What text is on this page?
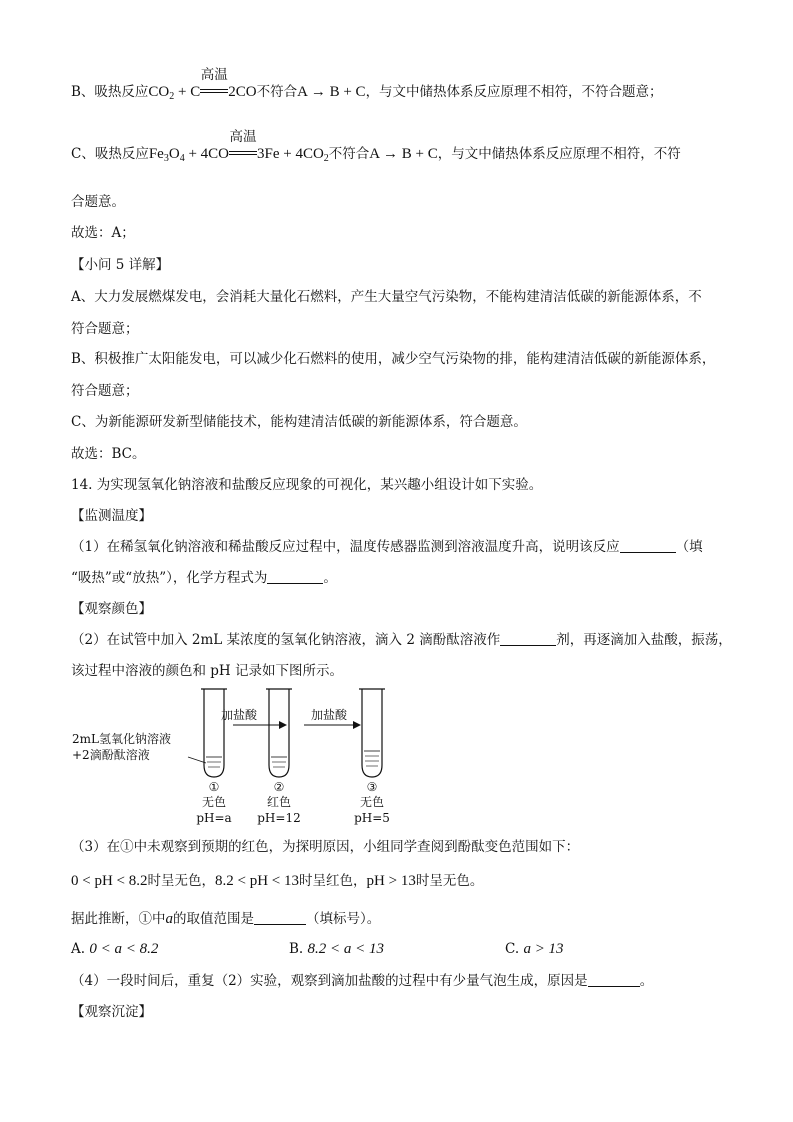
B、吸热反应$CO_2 + C$
高温
2CO不符合A → B + C，与文中储热体系反应原理不相符，不符合题意；
C、吸热反应$Fe_3O_4 + 4CO$
高温
$3Fe + 4CO_2$不符合A → B + C，与文中储热体系反应原理不相符，不符
合题意。
故选：A；
【小问 5 详解】
A、大力发展燃煤发电，会消耗大量化石燃料，产生大量空气污染物，不能构建清洁低碳的新能源体系，不
符合题意；
B、积极推广太阳能发电，可以减少化石燃料的使用，减少空气污染物的排，能构建清洁低碳的新能源体系，
符合题意；
C、为新能源研发新型储能技术，能构建清洁低碳的新能源体系，符合题意。
故选：BC。
14. 为实现氢氧化钠溶液和盐酸反应现象的可视化，某兴趣小组设计如下实验。
【监测温度】
（1）在稀氢氧化钠溶液和稀盐酸反应过程中，温度传感器监测到溶液温度升高，说明该反应	（填
“吸热”或“放热”），化学方程式为	。
【观察颜色】
（2）在试管中加入 2mL 某浓度的氢氧化钠溶液，滴入 2 滴酚酞溶液作	剂，再逐滴加入盐酸，振荡，
该过程中溶液的颜色和 pH 记录如下图所示。
2mL氢氧化钠溶液
+2滴酚酞溶液
①
无色
pH=a
加盐酸
②
红色
pH=12
加盐酸
③
无色
pH=5
（3）在①中未观察到预期的红色，为探明原因，小组同学查阅到酚酞变色范围如下：
0 < pH < 8.2时呈无色，8.2 < pH < 13时呈红色，pH > 13时呈无色。
据此推断，①中a的取值范围是	（填标号）。
A. 0 < a < 8.2	B. 8.2 < a < 13	C. a > 13
（4）一段时间后，重复（2）实验，观察到滴加盐酸的过程中有少量气泡生成，原因是	。
【观察沉淀】
